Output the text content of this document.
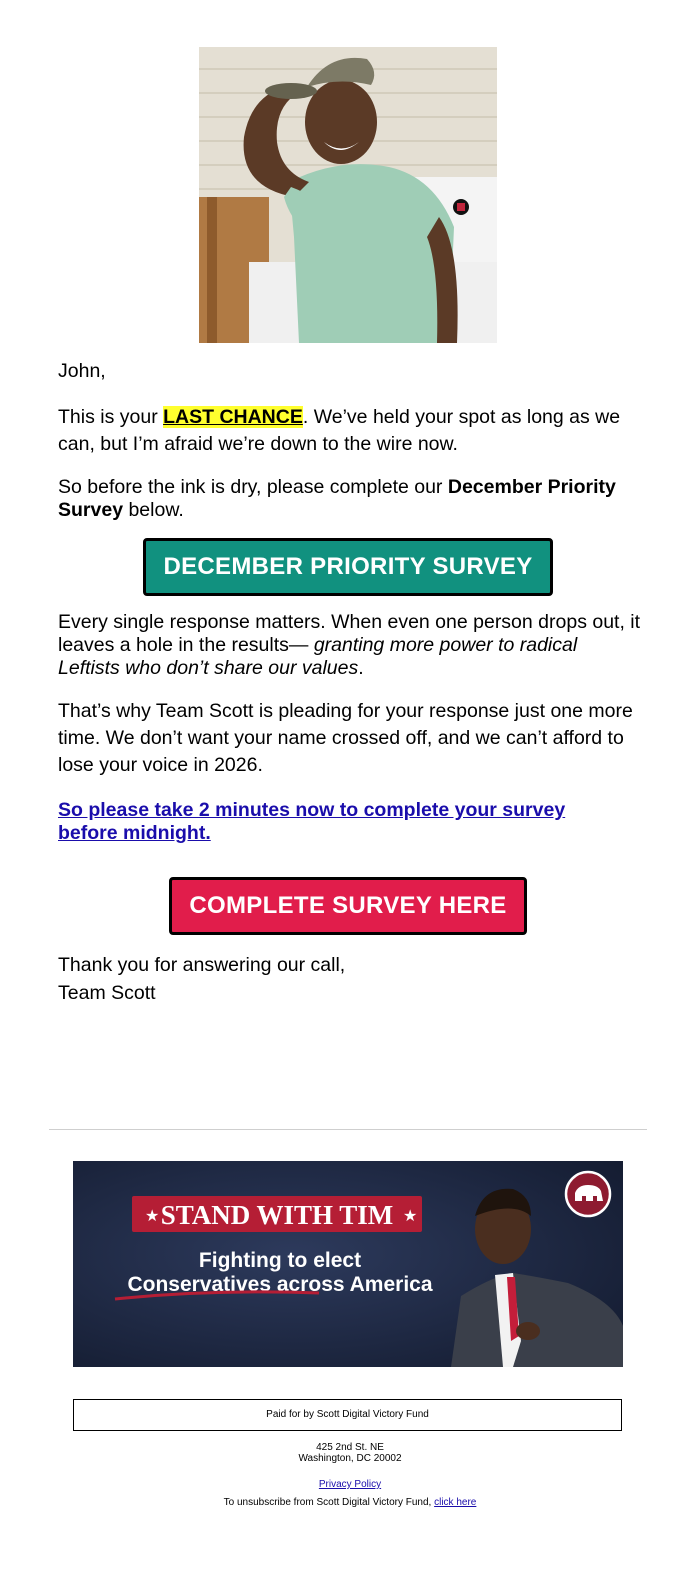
John,

This is your LAST CHANCE. We’ve held your spot as long as we can, but I’m afraid we’re down to the wire now.

So before the ink is dry, please complete our December Priority Survey below.

DECEMBER PRIORITY SURVEY

Every single response matters. When even one person drops out, it leaves a hole in the results— granting more power to radical Leftists who don’t share our values.

That’s why Team Scott is pleading for your response just one more time. We don’t want your name crossed off, and we can’t afford to lose your voice in 2026.

So please take 2 minutes now to complete your survey before midnight.

COMPLETE SURVEY HERE

Thank you for answering our call,
Team Scott

STAND WITH TIM
★	★
Fighting to elect
Conservatives across America
Paid for by Scott Digital Victory Fund
425 2nd St. NE
Washington, DC 20002
Privacy Policy
To unsubscribe from Scott Digital Victory Fund, click here
